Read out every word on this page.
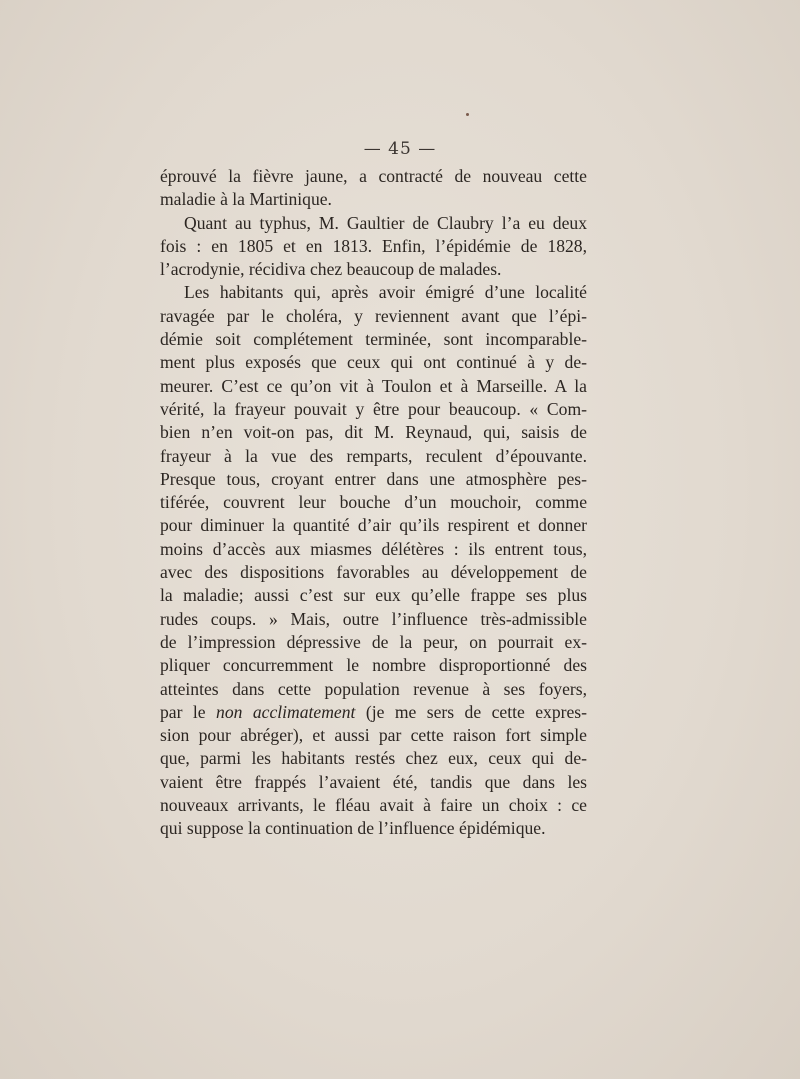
— 45 —
éprouvé la fièvre jaune, a contracté de nouveau cette
maladie à la Martinique.
Quant au typhus, M. Gaultier de Claubry l’a eu deux
fois : en 1805 et en 1813. Enfin, l’épidémie de 1828,
l’acrodynie, récidiva chez beaucoup de malades.
Les habitants qui, après avoir émigré d’une localité
ravagée par le choléra, y reviennent avant que l’épi-
démie soit complétement terminée, sont incomparable-
ment plus exposés que ceux qui ont continué à y de-
meurer. C’est ce qu’on vit à Toulon et à Marseille. A la
vérité, la frayeur pouvait y être pour beaucoup. « Com-
bien n’en voit-on pas, dit M. Reynaud, qui, saisis de
frayeur à la vue des remparts, reculent d’épouvante.
Presque tous, croyant entrer dans une atmosphère pes-
tiférée, couvrent leur bouche d’un mouchoir, comme
pour diminuer la quantité d’air qu’ils respirent et donner
moins d’accès aux miasmes délétères : ils entrent tous,
avec des dispositions favorables au développement de
la maladie; aussi c’est sur eux qu’elle frappe ses plus
rudes coups. » Mais, outre l’influence très-admissible
de l’impression dépressive de la peur, on pourrait ex-
pliquer concurremment le nombre disproportionné des
atteintes dans cette population revenue à ses foyers,
par le non acclimatement (je me sers de cette expres-
sion pour abréger), et aussi par cette raison fort simple
que, parmi les habitants restés chez eux, ceux qui de-
vaient être frappés l’avaient été, tandis que dans les
nouveaux arrivants, le fléau avait à faire un choix : ce
qui suppose la continuation de l’influence épidémique.
